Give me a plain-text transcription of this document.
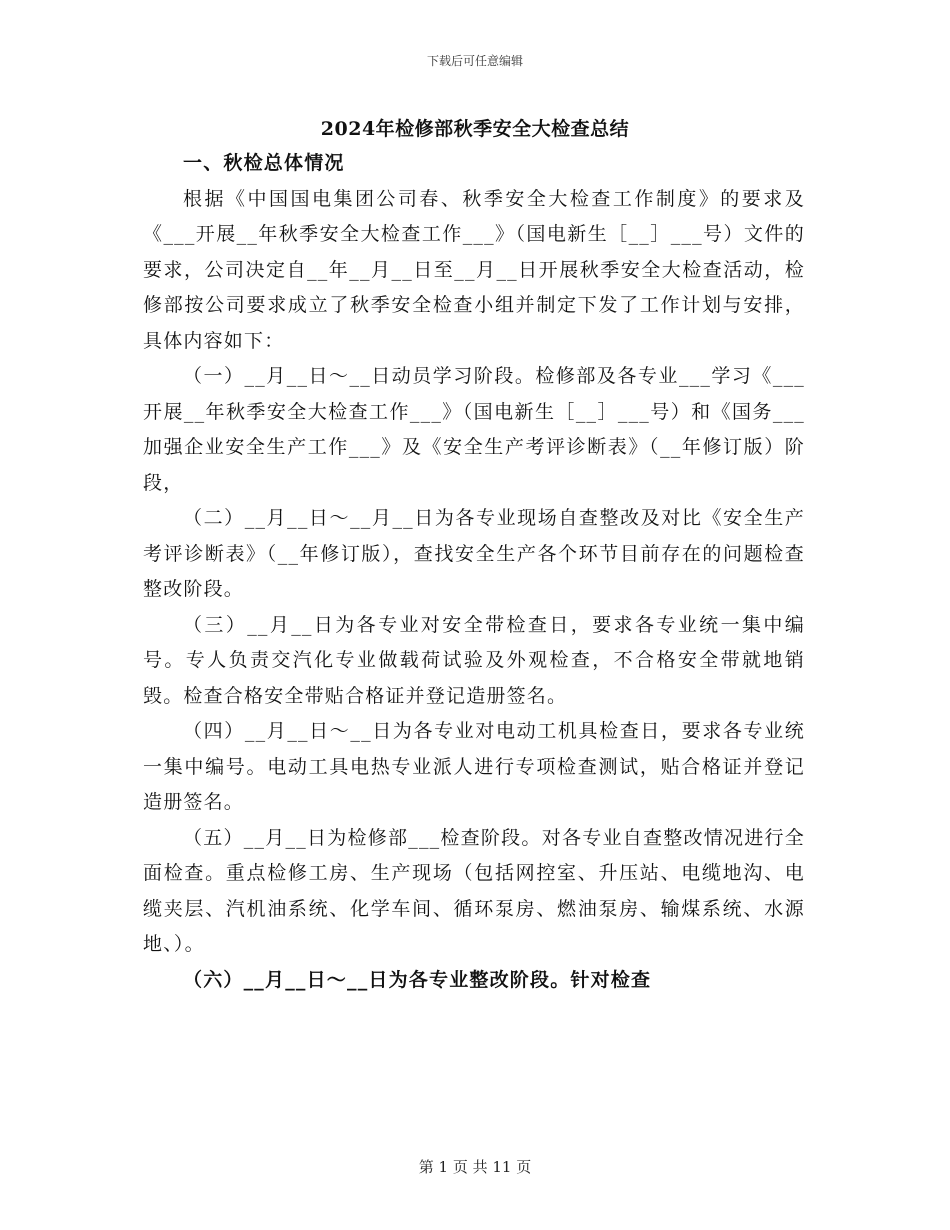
下载后可任意编辑
2024年检修部秋季安全大检查总结

一、秋检总体情况

根据《中国国电集团公司春、秋季安全大检查工作制度》的要求及《___开展__年秋季安全大检查工作___》（国电新生［__］___号）文件的要求，公司决定自__年__月__日至__月__日开展秋季安全大检查活动，检修部按公司要求成立了秋季安全检查小组并制定下发了工作计划与安排，具体内容如下：

（一）__月__日～__日动员学习阶段。检修部及各专业___学习《___开展__年秋季安全大检查工作___》（国电新生［__］___号）和《国务___加强企业安全生产工作___》及《安全生产考评诊断表》（__年修订版）阶段，

（二）__月__日～__月__日为各专业现场自查整改及对比《安全生产考评诊断表》（__年修订版），查找安全生产各个环节目前存在的问题检查整改阶段。

（三）__月__日为各专业对安全带检查日，要求各专业统一集中编号。专人负责交汽化专业做载荷试验及外观检查，不合格安全带就地销毁。检查合格安全带贴合格证并登记造册签名。

（四）__月__日～__日为各专业对电动工机具检查日，要求各专业统一集中编号。电动工具电热专业派人进行专项检查测试，贴合格证并登记造册签名。

（五）__月__日为检修部___检查阶段。对各专业自查整改情况进行全面检查。重点检修工房、生产现场（包括网控室、升压站、电缆地沟、电缆夹层、汽机油系统、化学车间、循环泵房、燃油泵房、输煤系统、水源地、）。

（六）__月__日～__日为各专业整改阶段。针对检查

第 1 页 共 11 页
